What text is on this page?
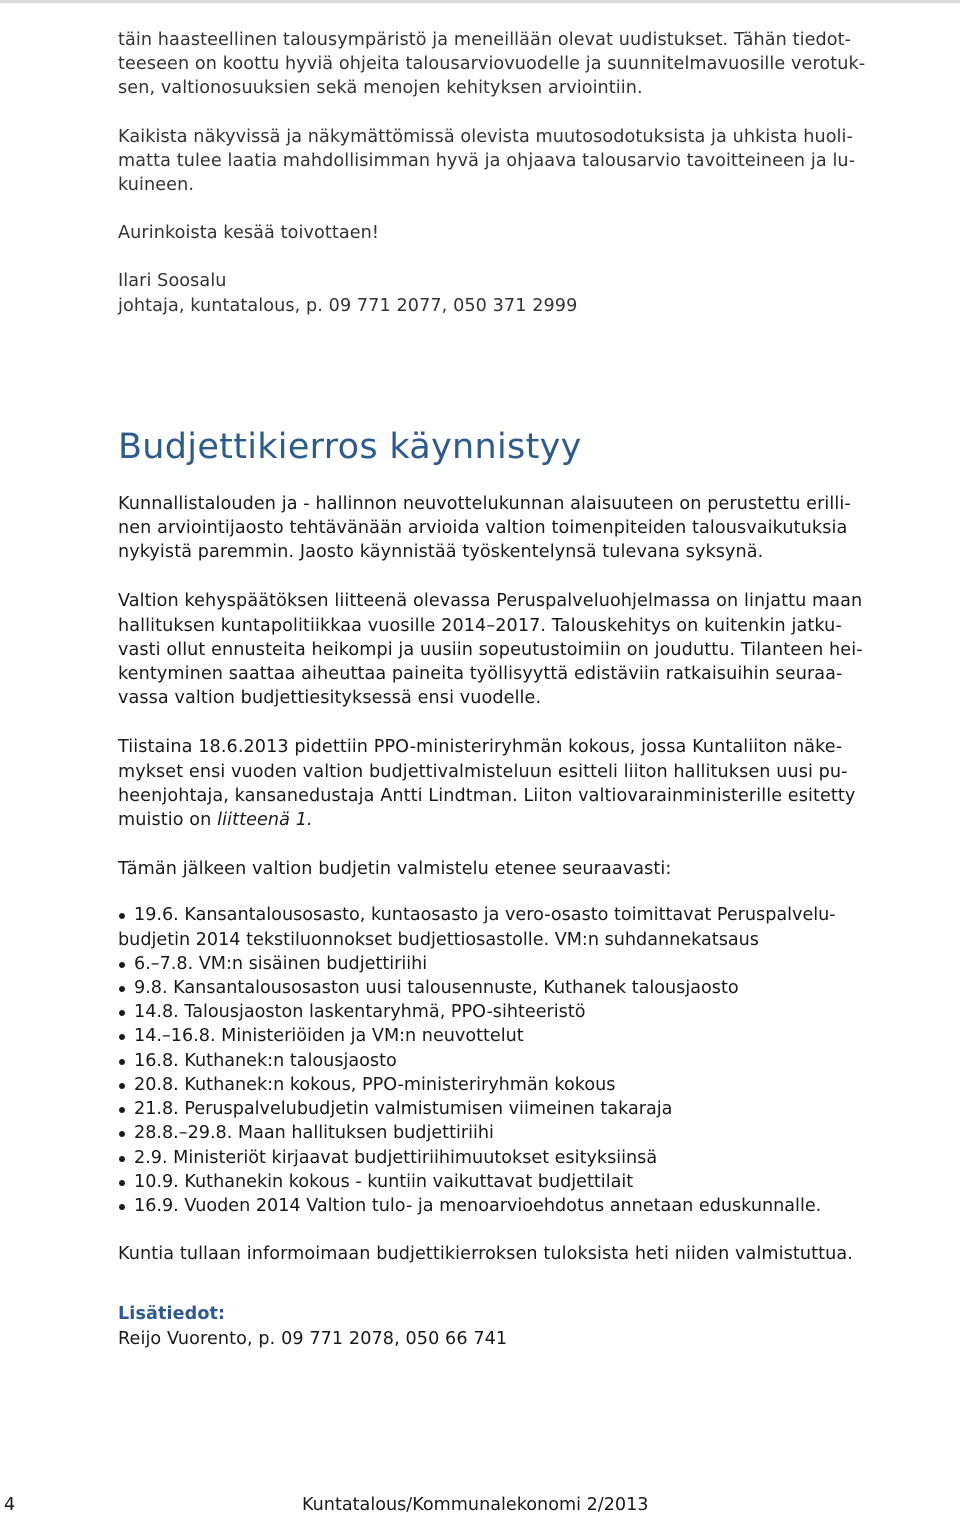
täin haasteellinen talousympäristö ja meneillään olevat uudistukset. Tähän tiedot-
teeseen on koottu hyviä ohjeita talousarviovuodelle ja suunnitelmavuosille verotuk-
sen, valtionosuuksien sekä menojen kehityksen arviointiin.

Kaikista näkyvissä ja näkymättömissä olevista muutosodotuksista ja uhkista huoli-
matta tulee laatia mahdollisimman hyvä ja ohjaava talousarvio tavoitteineen ja lu-
kuineen.

Aurinkoista kesää toivottaen!

Ilari Soosalu
johtaja, kuntatalous, p. 09 771 2077, 050 371 2999

Budjettikierros käynnistyy

Kunnallistalouden ja - hallinnon neuvottelukunnan alaisuuteen on perustettu erilli-
nen arviointijaosto tehtävänään arvioida valtion toimenpiteiden talousvaikutuksia
nykyistä paremmin. Jaosto käynnistää työskentelynsä tulevana syksynä.

Valtion kehyspäätöksen liitteenä olevassa Peruspalveluohjelmassa on linjattu maan
hallituksen kuntapolitiikkaa vuosille 2014–2017. Talouskehitys on kuitenkin jatku-
vasti ollut ennusteita heikompi ja uusiin sopeutustoimiin on jouduttu. Tilanteen hei-
kentyminen saattaa aiheuttaa paineita työllisyyttä edistäviin ratkaisuihin seuraa-
vassa valtion budjettiesityksessä ensi vuodelle.

Tiistaina 18.6.2013 pidettiin PPO-ministeriryhmän kokous, jossa Kuntaliiton näke-
mykset ensi vuoden valtion budjettivalmisteluun esitteli liiton hallituksen uusi pu-
heenjohtaja, kansanedustaja Antti Lindtman. Liiton valtiovarainministerille esitetty
muistio on liitteenä 1.

Tämän jälkeen valtion budjetin valmistelu etenee seuraavasti:

19.6. Kansantalousosasto, kuntaosasto ja vero-osasto toimittavat Peruspalvelu-
budjetin 2014 tekstiluonnokset budjettiosastolle. VM:n suhdannekatsaus
6.–7.8. VM:n sisäinen budjettiriihi
9.8. Kansantalousosaston uusi talousennuste, Kuthanek talousjaosto
14.8. Talousjaoston laskentaryhmä, PPO-sihteeristö
14.–16.8. Ministeriöiden ja VM:n neuvottelut
16.8. Kuthanek:n talousjaosto
20.8. Kuthanek:n kokous, PPO-ministeriryhmän kokous
21.8. Peruspalvelubudjetin valmistumisen viimeinen takaraja
28.8.–29.8. Maan hallituksen budjettiriihi
2.9. Ministeriöt kirjaavat budjettiriihimuutokset esityksiinsä
10.9. Kuthanekin kokous - kuntiin vaikuttavat budjettilait
16.9. Vuoden 2014 Valtion tulo- ja menoarvioehdotus annetaan eduskunnalle.

Kuntia tullaan informoimaan budjettikierroksen tuloksista heti niiden valmistuttua.

Lisätiedot:

Reijo Vuorento, p. 09 771 2078, 050 66 741

4	Kuntatalous/Kommunalekonomi 2/2013
